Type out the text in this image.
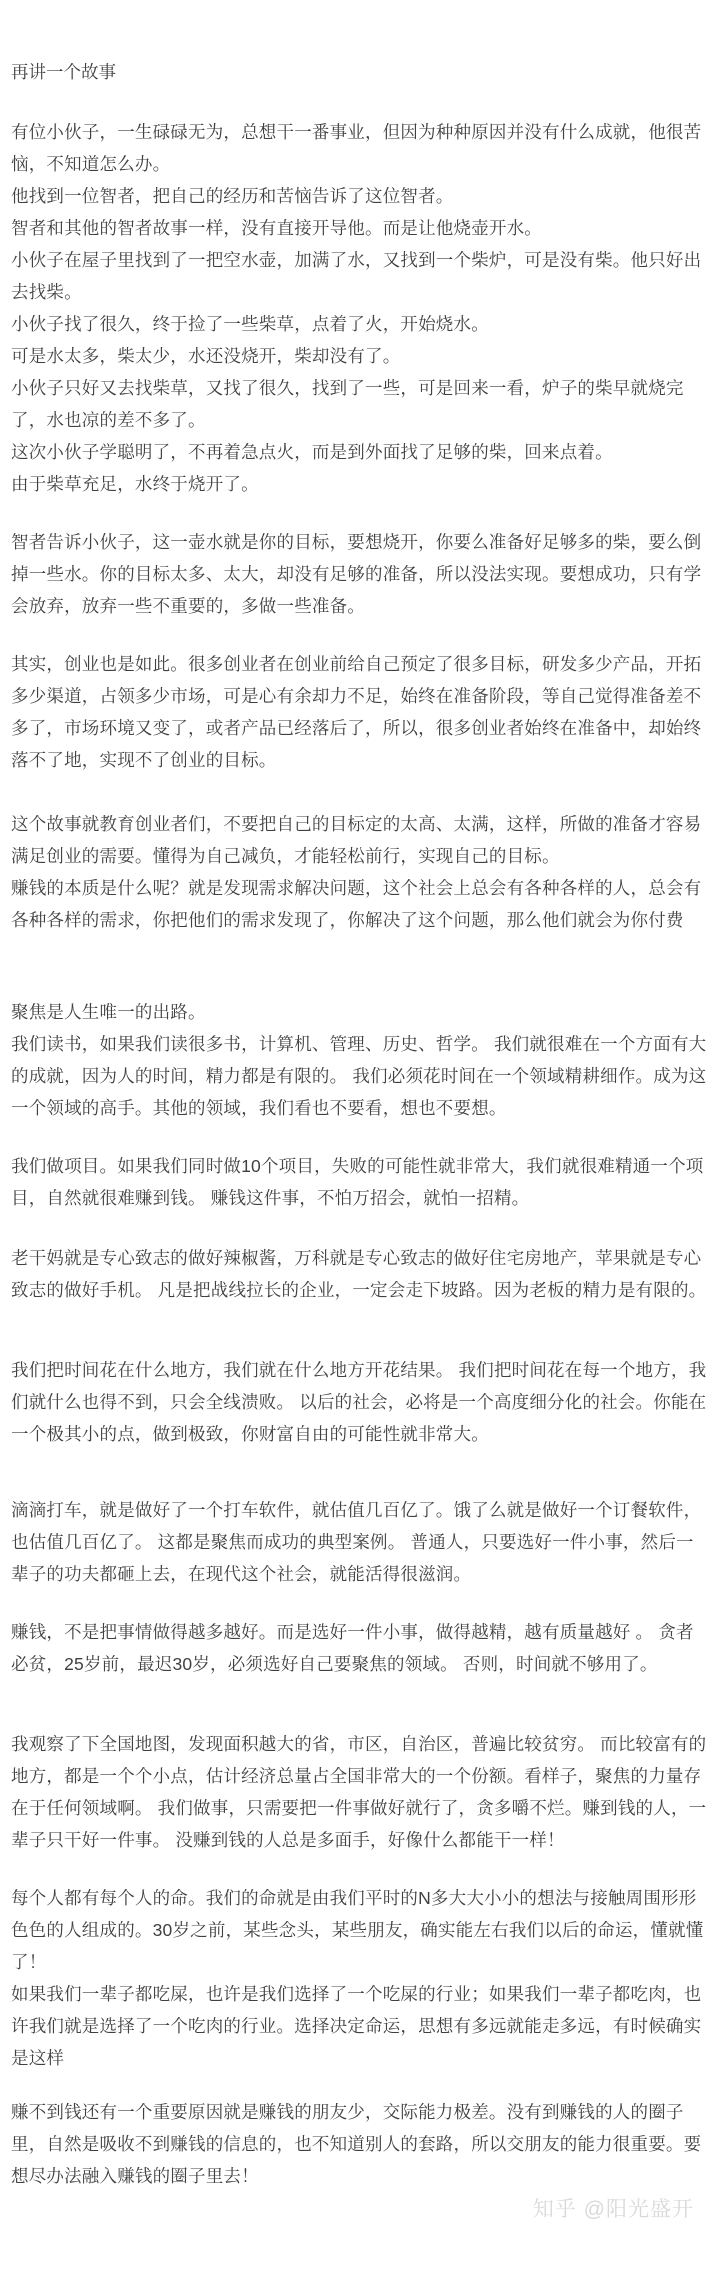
再讲一个故事
有位小伙子，一生碌碌无为，总想干一番事业，但因为种种原因并没有什么成就，他很苦恼，不知道怎么办。
他找到一位智者，把自己的经历和苦恼告诉了这位智者。
智者和其他的智者故事一样，没有直接开导他。而是让他烧壶开水。
小伙子在屋子里找到了一把空水壶，加满了水，又找到一个柴炉，可是没有柴。他只好出去找柴。
小伙子找了很久，终于捡了一些柴草，点着了火，开始烧水。
可是水太多，柴太少，水还没烧开，柴却没有了。
小伙子只好又去找柴草，又找了很久，找到了一些，可是回来一看，炉子的柴早就烧完了，水也凉的差不多了。
这次小伙子学聪明了，不再着急点火，而是到外面找了足够的柴，回来点着。
由于柴草充足，水终于烧开了。
智者告诉小伙子，这一壶水就是你的目标，要想烧开，你要么准备好足够多的柴，要么倒掉一些水。你的目标太多、太大，却没有足够的准备，所以没法实现。要想成功，只有学会放弃，放弃一些不重要的，多做一些准备。
其实，创业也是如此。很多创业者在创业前给自己预定了很多目标，研发多少产品，开拓多少渠道，占领多少市场，可是心有余却力不足，始终在准备阶段，等自己觉得准备差不多了，市场环境又变了，或者产品已经落后了，所以，很多创业者始终在准备中，却始终落不了地，实现不了创业的目标。
这个故事就教育创业者们，不要把自己的目标定的太高、太满，这样，所做的准备才容易满足创业的需要。懂得为自己减负，才能轻松前行，实现自己的目标。
赚钱的本质是什么呢？就是发现需求解决问题，这个社会上总会有各种各样的人，总会有各种各样的需求，你把他们的需求发现了，你解决了这个问题，那么他们就会为你付费
聚焦是人生唯一的出路。
我们读书，如果我们读很多书，计算机、管理、历史、哲学。 我们就很难在一个方面有大的成就，因为人的时间，精力都是有限的。 我们必须花时间在一个领域精耕细作。成为这一个领域的高手。其他的领域，我们看也不要看，想也不要想。
我们做项目。如果我们同时做10个项目，失败的可能性就非常大，我们就很难精通一个项目，自然就很难赚到钱。 赚钱这件事，不怕万招会，就怕一招精。
老干妈就是专心致志的做好辣椒酱，万科就是专心致志的做好住宅房地产，苹果就是专心致志的做好手机。 凡是把战线拉长的企业，一定会走下坡路。因为老板的精力是有限的。
我们把时间花在什么地方，我们就在什么地方开花结果。 我们把时间花在每一个地方，我们就什么也得不到，只会全线溃败。 以后的社会，必将是一个高度细分化的社会。你能在一个极其小的点，做到极致，你财富自由的可能性就非常大。
滴滴打车，就是做好了一个打车软件，就估值几百亿了。饿了么就是做好一个订餐软件，也估值几百亿了。 这都是聚焦而成功的典型案例。 普通人，只要选好一件小事，然后一辈子的功夫都砸上去，在现代这个社会，就能活得很滋润。
赚钱，不是把事情做得越多越好。而是选好一件小事，做得越精，越有质量越好 。 贪者必贫，25岁前，最迟30岁，必须选好自己要聚焦的领域。 否则，时间就不够用了。
我观察了下全国地图，发现面积越大的省，市区，自治区，普遍比较贫穷。 而比较富有的地方，都是一个个小点，估计经济总量占全国非常大的一个份额。看样子，聚焦的力量存在于任何领域啊。 我们做事，只需要把一件事做好就行了，贪多嚼不烂。赚到钱的人，一辈子只干好一件事。 没赚到钱的人总是多面手，好像什么都能干一样！
每个人都有每个人的命。我们的命就是由我们平时的N多大大小小的想法与接触周围形形色色的人组成的。30岁之前，某些念头，某些朋友，确实能左右我们以后的命运，懂就懂了！
如果我们一辈子都吃屎，也许是我们选择了一个吃屎的行业；如果我们一辈子都吃肉，也许我们就是选择了一个吃肉的行业。选择决定命运，思想有多远就能走多远，有时候确实是这样
赚不到钱还有一个重要原因就是赚钱的朋友少，交际能力极差。没有到赚钱的人的圈子里，自然是吸收不到赚钱的信息的，也不知道别人的套路，所以交朋友的能力很重要。要想尽办法融入赚钱的圈子里去！
知乎 @阳光盛开
